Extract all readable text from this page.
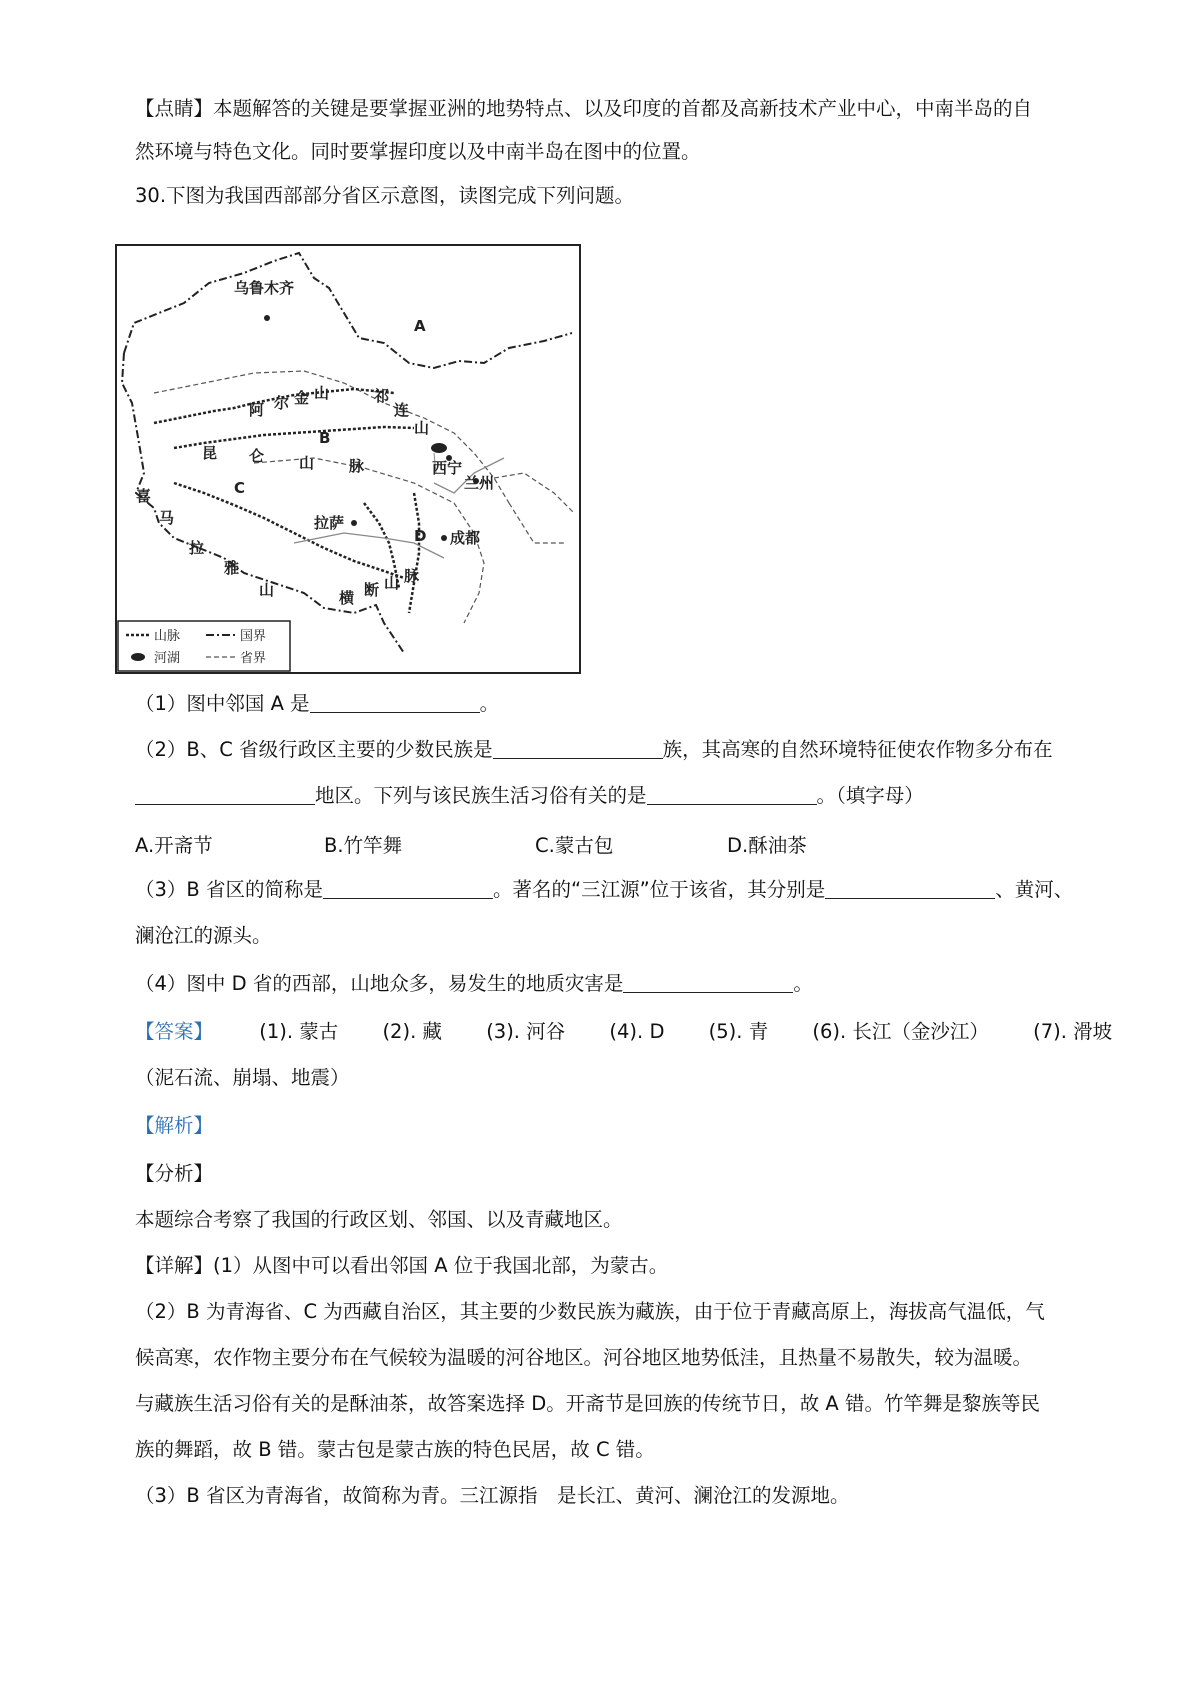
【点睛】本题解答的关键是要掌握亚洲的地势特点、以及印度的首都及高新技术产业中心，中南半岛的自
然环境与特色文化。同时要掌握印度以及中南半岛在图中的位置。
30.下图为我国西部部分省区示意图，读图完成下列问题。
乌鲁木齐
A
B
C
D
西宁
兰州
成都
拉萨
阿 尔 金 山	祁
连
山
昆 仑 山 脉
喜
马
拉
雅
山	横 断 山 脉
山脉	国界
河湖	省界
（1）图中邻国 A 是	。
（2）B、C 省级行政区主要的少数民族是	族，其高寒的自然环境特征使农作物多分布在
地区。下列与该民族生活习俗有关的是	。（填字母）
A.开斋节	B.竹竿舞	C.蒙古包	D.酥油茶
（3）B 省区的简称是	。著名的“三江源”位于该省，其分别是	、黄河、
澜沧江的源头。
（4）图中 D 省的西部，山地众多，易发生的地质灾害是	。
【答案】 (1). 蒙古 (2). 藏 (3). 河谷 (4). D (5). 青 (6). 长江（金沙江） (7). 滑坡
（泥石流、崩塌、地震）
【解析】
【分析】
本题综合考察了我国的行政区划、邻国、以及青藏地区。
【详解】(1）从图中可以看出邻国 A 位于我国北部，为蒙古。
（2）B 为青海省、C 为西藏自治区，其主要的少数民族为藏族，由于位于青藏高原上，海拔高气温低，气
候高寒，农作物主要分布在气候较为温暖的河谷地区。河谷地区地势低洼，且热量不易散失，较为温暖。
与藏族生活习俗有关的是酥油茶，故答案选择 D。开斋节是回族的传统节日，故 A 错。竹竿舞是黎族等民
族的舞蹈，故 B 错。蒙古包是蒙古族的特色民居，故 C 错。
（3）B 省区为青海省，故简称为青。三江源指　是长江、黄河、澜沧江的发源地。
